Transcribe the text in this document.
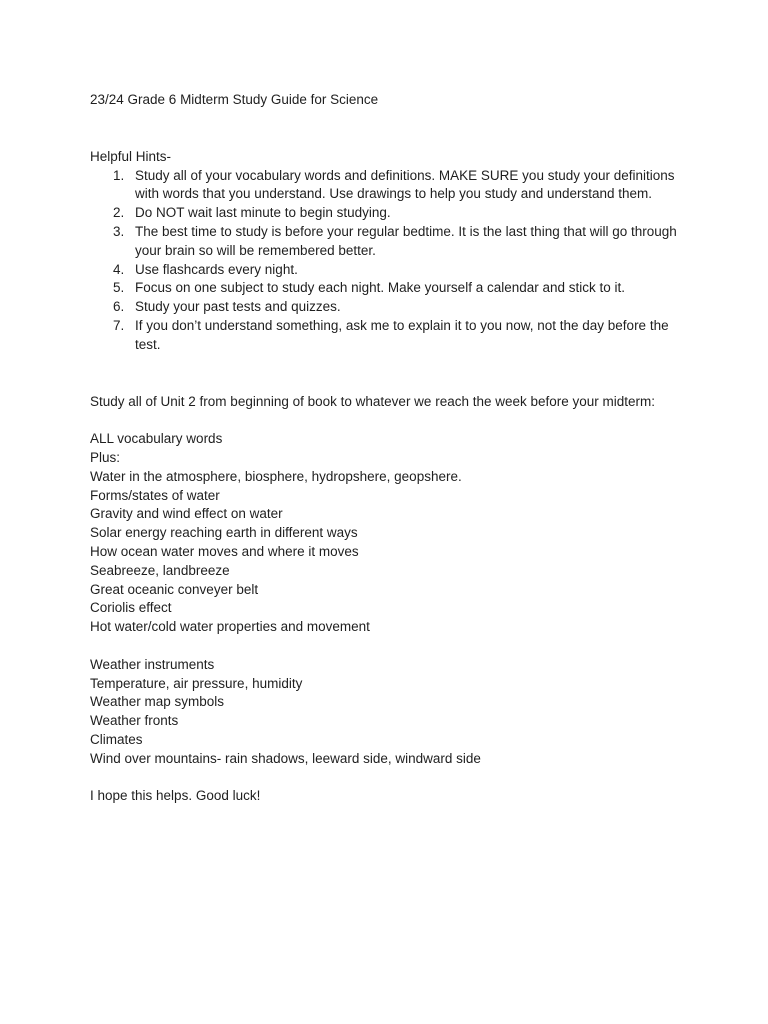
23/24 Grade 6 Midterm Study Guide for Science

Helpful Hints-

1. Study all of your vocabulary words and definitions. MAKE SURE you study your definitions with words that you understand. Use drawings to help you study and understand them.
2. Do NOT wait last minute to begin studying.
3. The best time to study is before your regular bedtime. It is the last thing that will go through your brain so will be remembered better.
4. Use flashcards every night.
5. Focus on one subject to study each night. Make yourself a calendar and stick to it.
6. Study your past tests and quizzes.
7. If you don’t understand something, ask me to explain it to you now, not the day before the test.

Study all of Unit 2 from beginning of book to whatever we reach the week before your midterm:

ALL vocabulary words

Plus:

Water in the atmosphere, biosphere, hydropshere, geopshere.

Forms/states of water

Gravity and wind effect on water

Solar energy reaching earth in different ways

How ocean water moves and where it moves

Seabreeze, landbreeze

Great oceanic conveyer belt

Coriolis effect

Hot water/cold water properties and movement

Weather instruments

Temperature, air pressure, humidity

Weather map symbols

Weather fronts

Climates

Wind over mountains- rain shadows, leeward side, windward side

I hope this helps. Good luck!
